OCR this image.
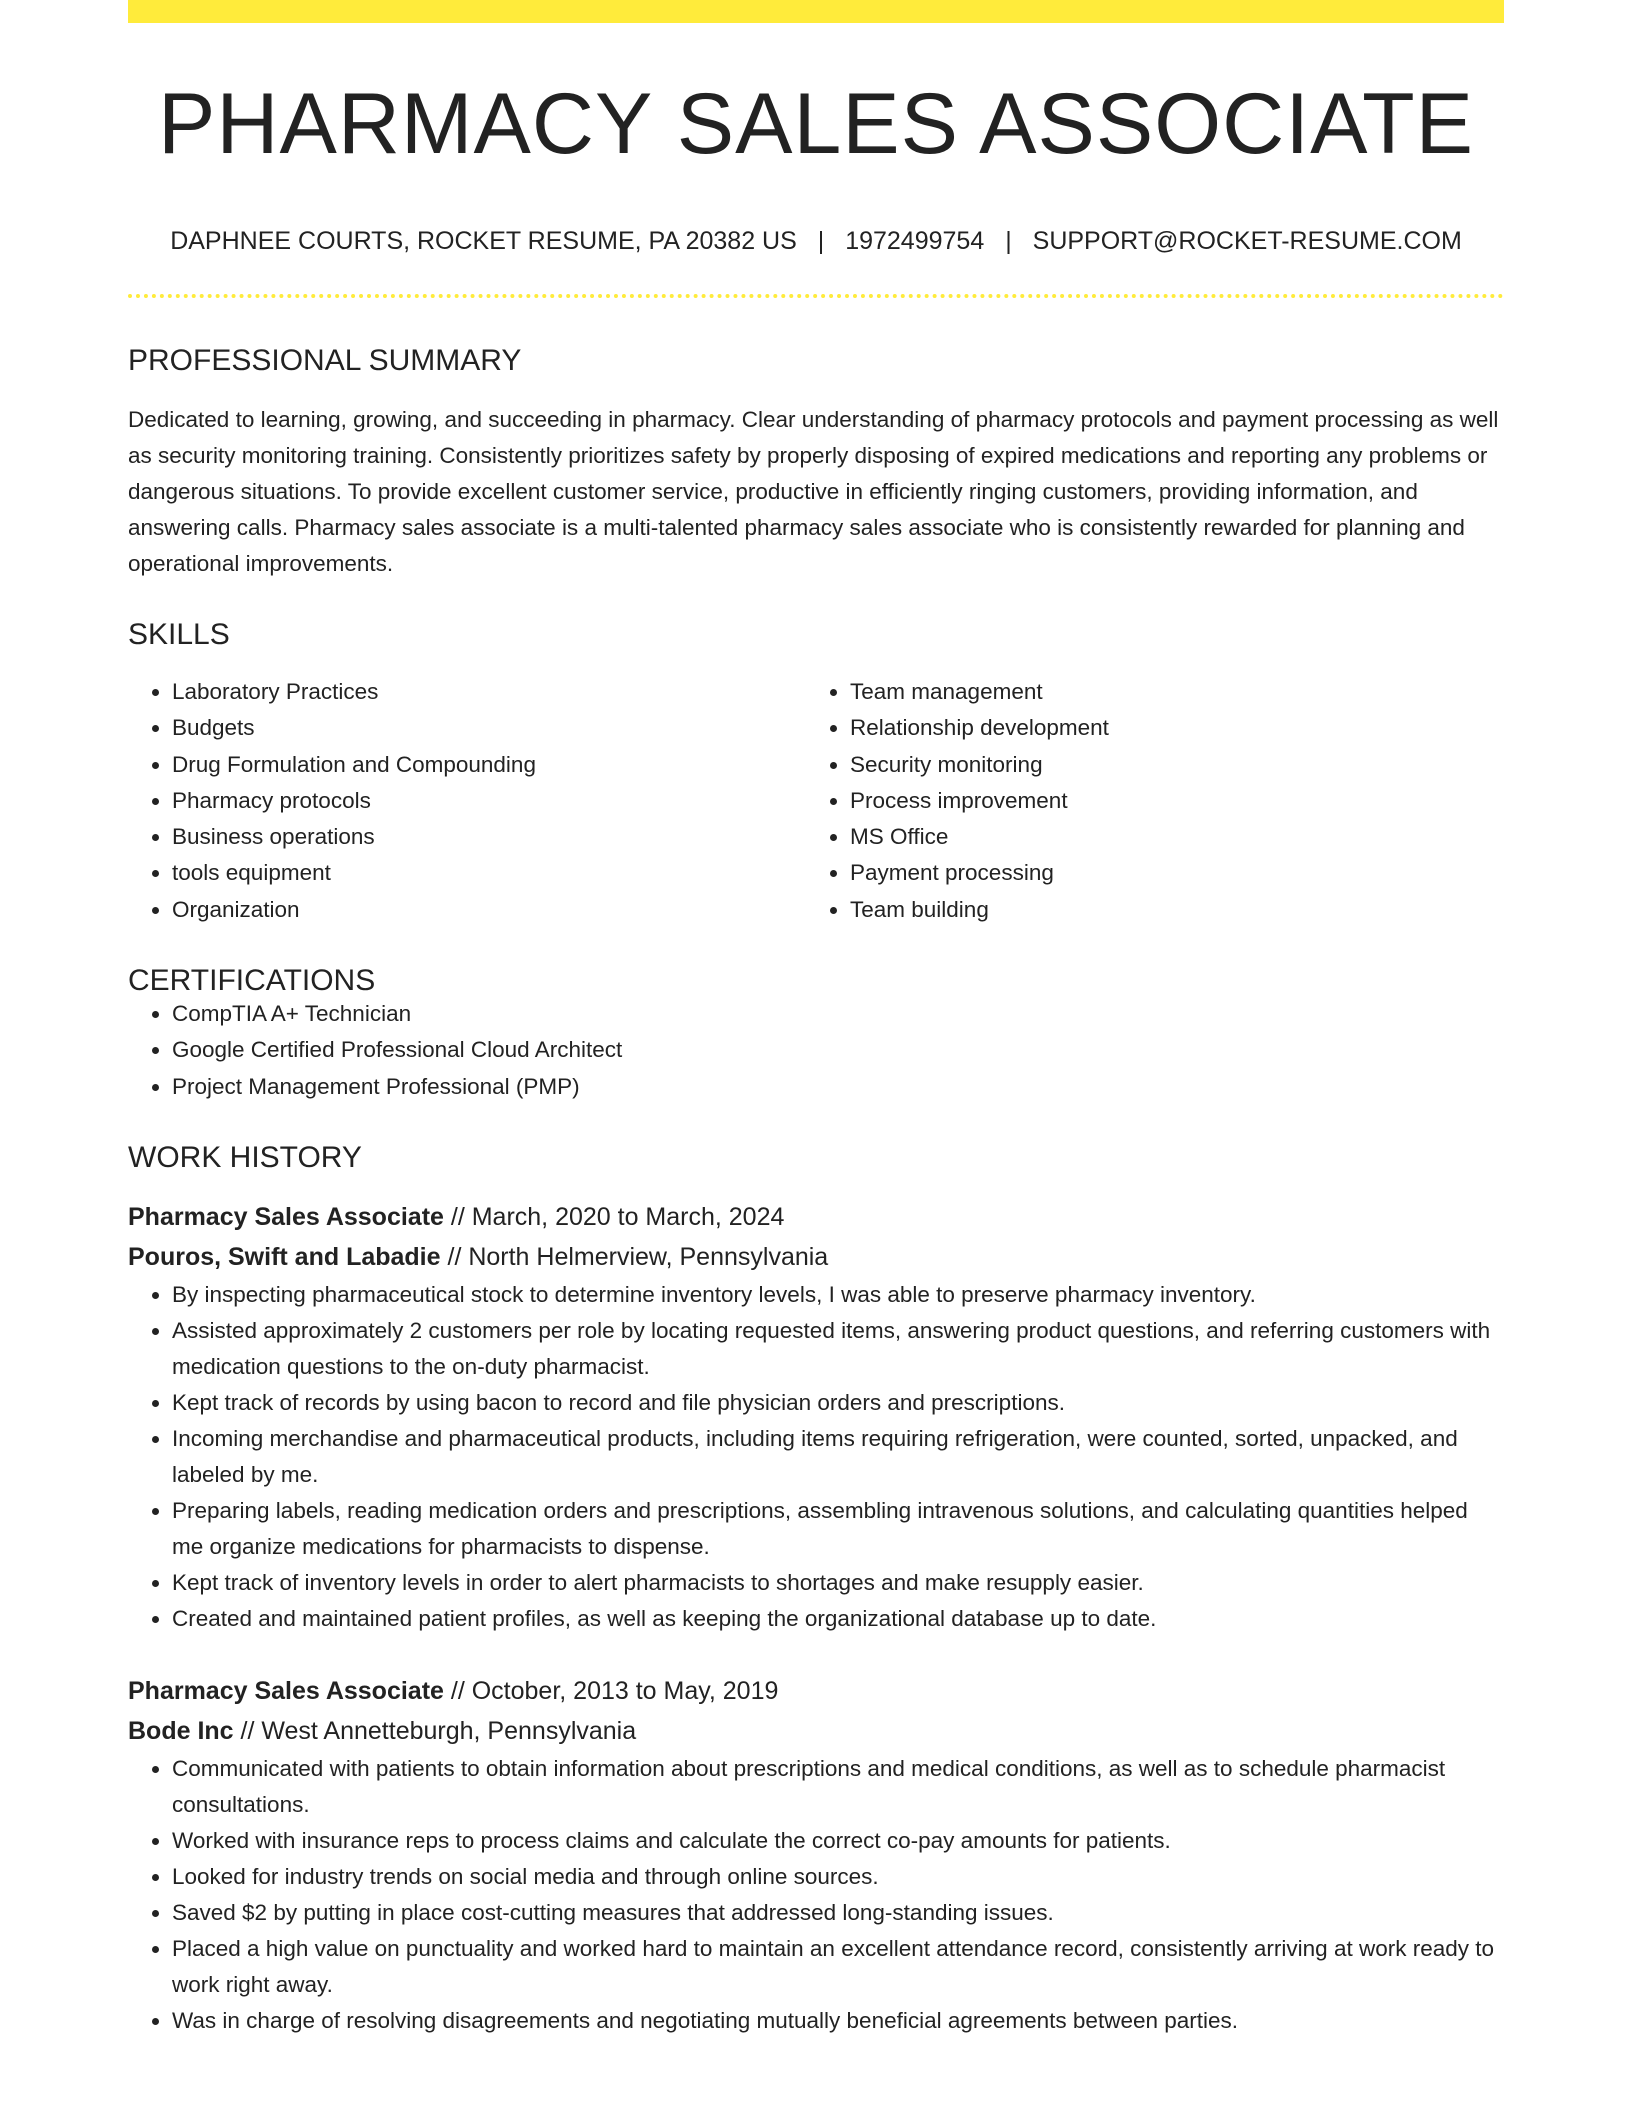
PHARMACY SALES ASSOCIATE
DAPHNEE COURTS, ROCKET RESUME, PA 20382 US | 1972499754 | SUPPORT@ROCKET-RESUME.COM
PROFESSIONAL SUMMARY
Dedicated to learning, growing, and succeeding in pharmacy. Clear understanding of pharmacy protocols and payment processing as well as security monitoring training. Consistently prioritizes safety by properly disposing of expired medications and reporting any problems or dangerous situations. To provide excellent customer service, productive in efficiently ringing customers, providing information, and answering calls. Pharmacy sales associate is a multi-talented pharmacy sales associate who is consistently rewarded for planning and operational improvements.
SKILLS
• Laboratory Practices
• Budgets
• Drug Formulation and Compounding
• Pharmacy protocols
• Business operations
• tools equipment
• Organization
• Team management
• Relationship development
• Security monitoring
• Process improvement
• MS Office
• Payment processing
• Team building
CERTIFICATIONS
• CompTIA A+ Technician
• Google Certified Professional Cloud Architect
• Project Management Professional (PMP)
WORK HISTORY
Pharmacy Sales Associate // March, 2020 to March, 2024
Pouros, Swift and Labadie // North Helmerview, Pennsylvania
• By inspecting pharmaceutical stock to determine inventory levels, I was able to preserve pharmacy inventory.
• Assisted approximately 2 customers per role by locating requested items, answering product questions, and referring customers with medication questions to the on-duty pharmacist.
• Kept track of records by using bacon to record and file physician orders and prescriptions.
• Incoming merchandise and pharmaceutical products, including items requiring refrigeration, were counted, sorted, unpacked, and labeled by me.
• Preparing labels, reading medication orders and prescriptions, assembling intravenous solutions, and calculating quantities helped me organize medications for pharmacists to dispense.
• Kept track of inventory levels in order to alert pharmacists to shortages and make resupply easier.
• Created and maintained patient profiles, as well as keeping the organizational database up to date.
Pharmacy Sales Associate // October, 2013 to May, 2019
Bode Inc // West Annetteburgh, Pennsylvania
• Communicated with patients to obtain information about prescriptions and medical conditions, as well as to schedule pharmacist consultations.
• Worked with insurance reps to process claims and calculate the correct co-pay amounts for patients.
• Looked for industry trends on social media and through online sources.
• Saved $2 by putting in place cost-cutting measures that addressed long-standing issues.
• Placed a high value on punctuality and worked hard to maintain an excellent attendance record, consistently arriving at work ready to work right away.
• Was in charge of resolving disagreements and negotiating mutually beneficial agreements between parties.
